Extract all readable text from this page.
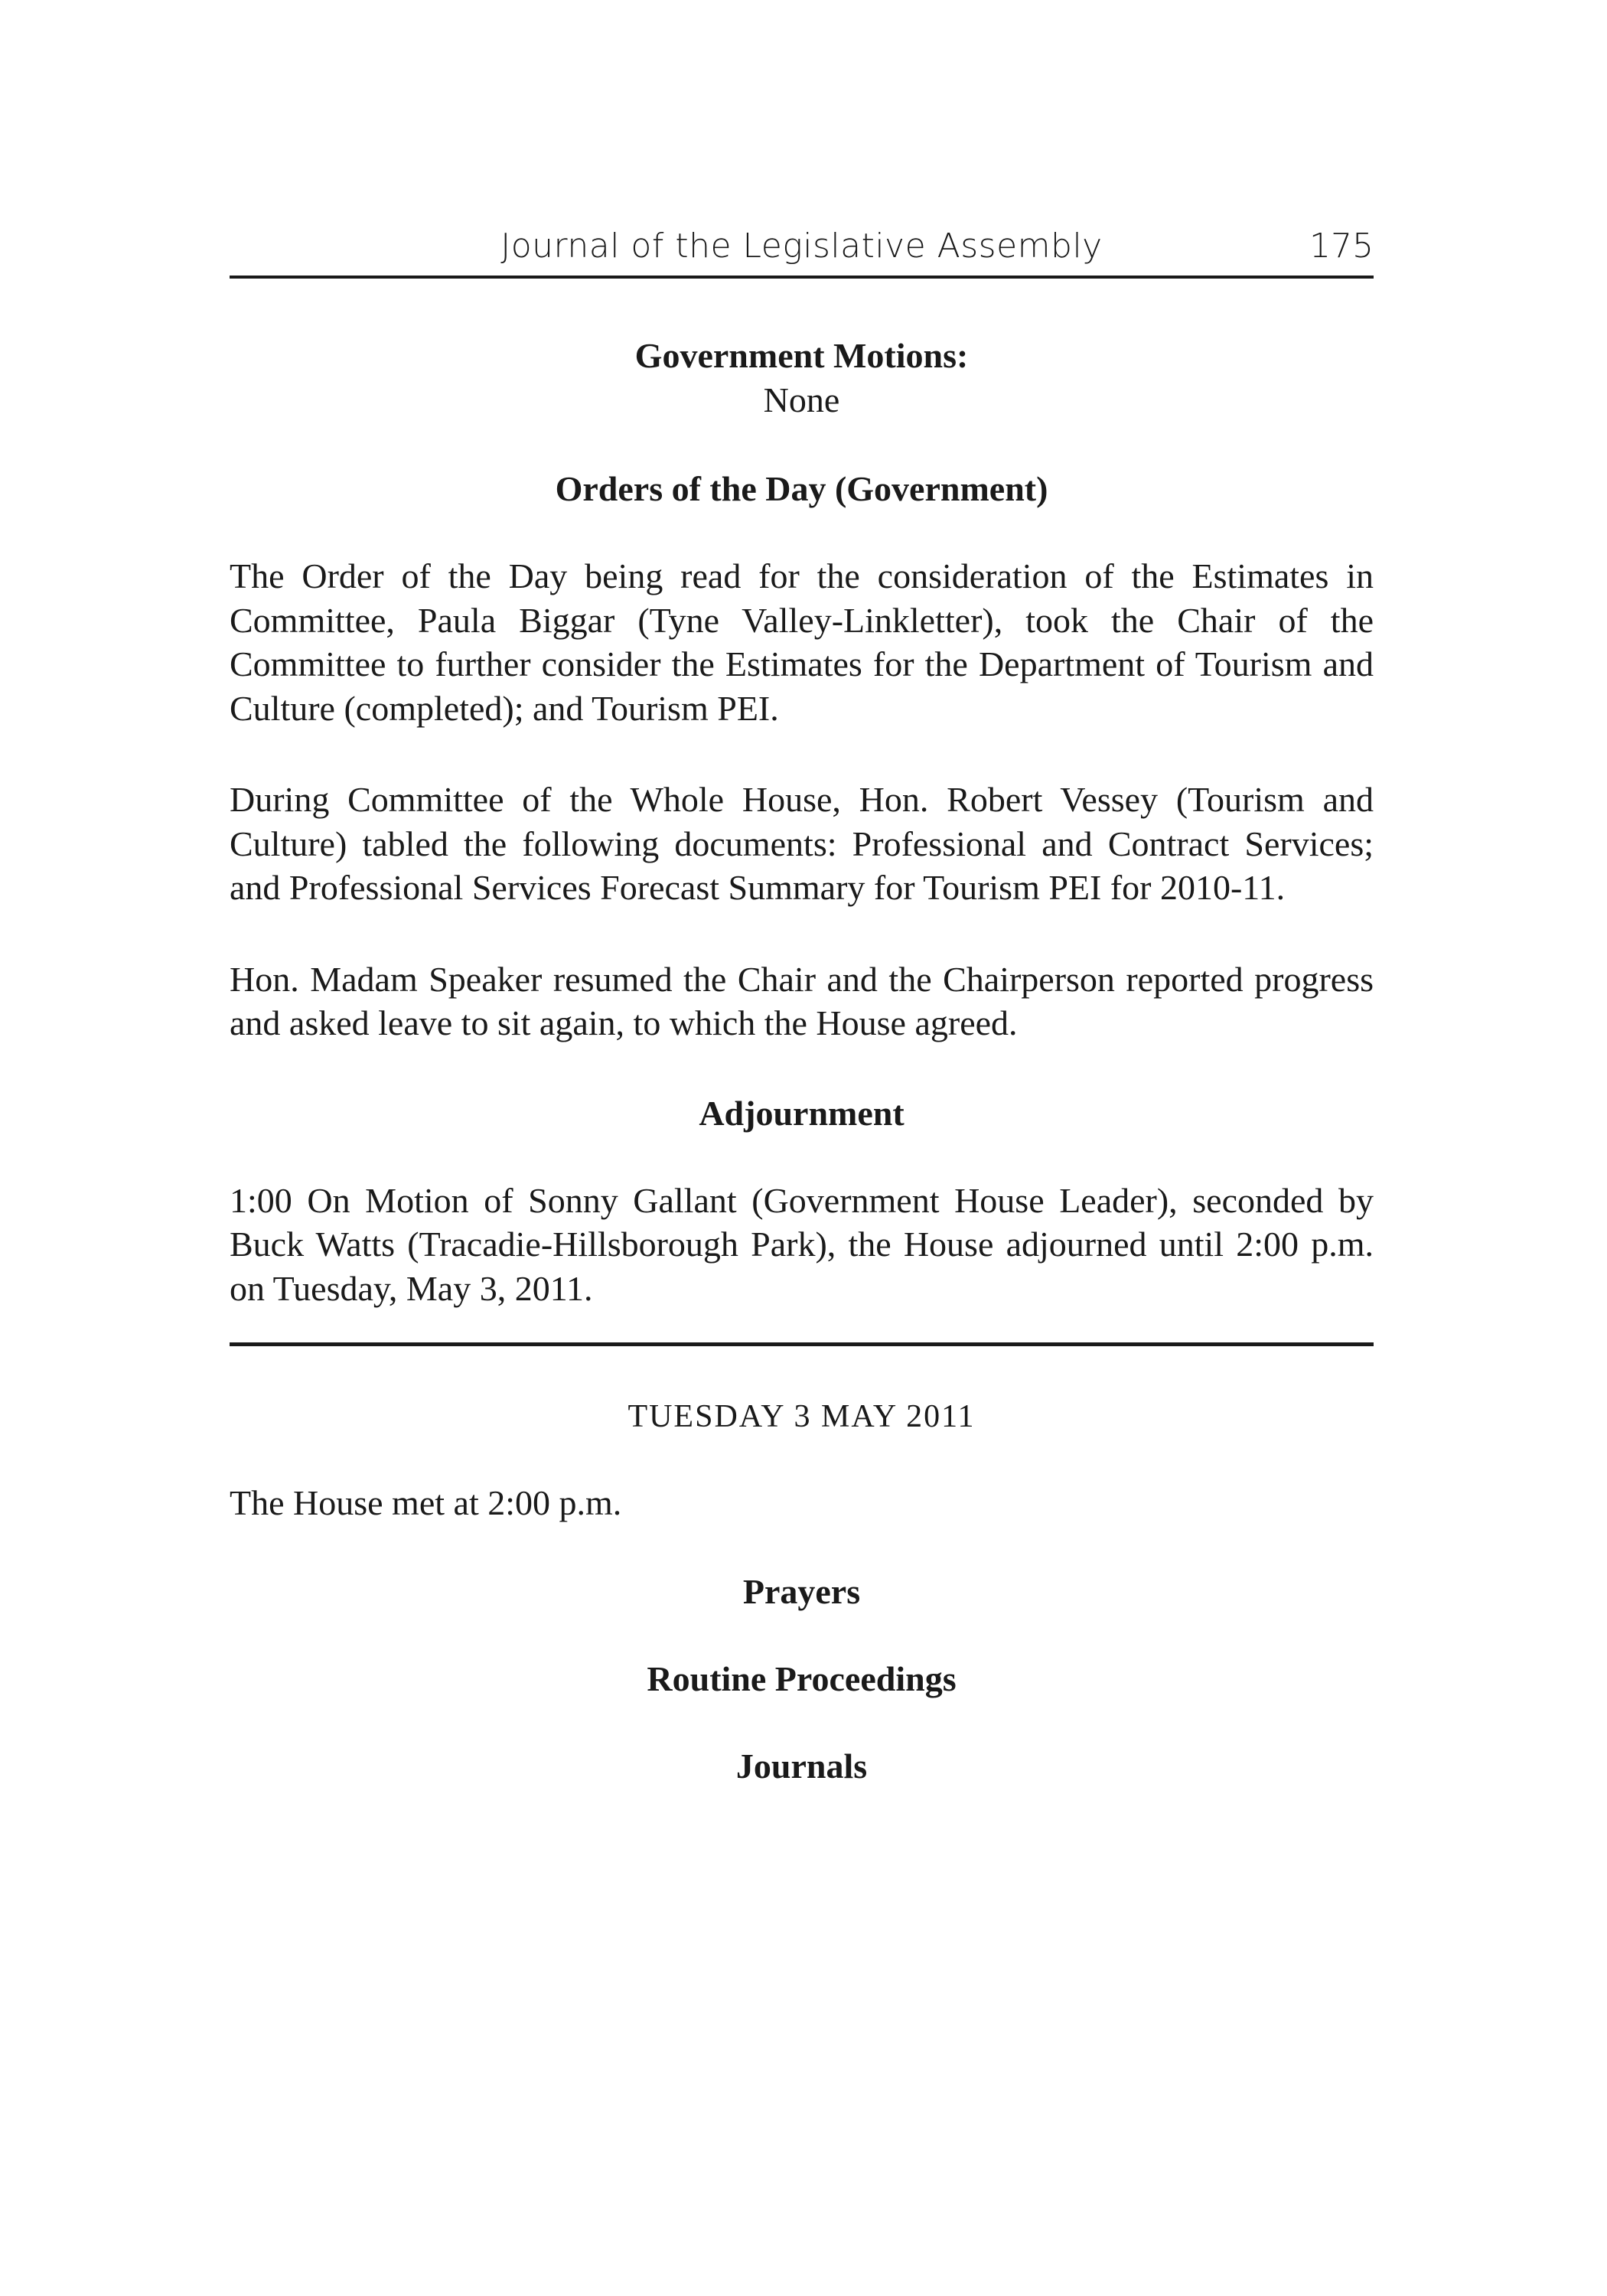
Journal of the Legislative Assembly	175

Government Motions:

None

Orders of the Day (Government)

The Order of the Day being read for the consideration of the Estimates in Committee, Paula Biggar (Tyne Valley-Linkletter), took the Chair of the Committee to further consider the Estimates for the Department of Tourism and Culture (completed); and Tourism PEI.

During Committee of the Whole House, Hon. Robert Vessey (Tourism and Culture) tabled the following documents: Professional and Contract Services; and Professional Services Forecast Summary for Tourism PEI for 2010-11.

Hon. Madam Speaker resumed the Chair and the Chairperson reported progress and asked leave to sit again, to which the House agreed.

Adjournment

1:00 On Motion of Sonny Gallant (Government House Leader), seconded by Buck Watts (Tracadie-Hillsborough Park), the House adjourned until 2:00 p.m. on Tuesday, May 3, 2011.

TUESDAY 3 MAY 2011

The House met at 2:00 p.m.

Prayers

Routine Proceedings

Journals
